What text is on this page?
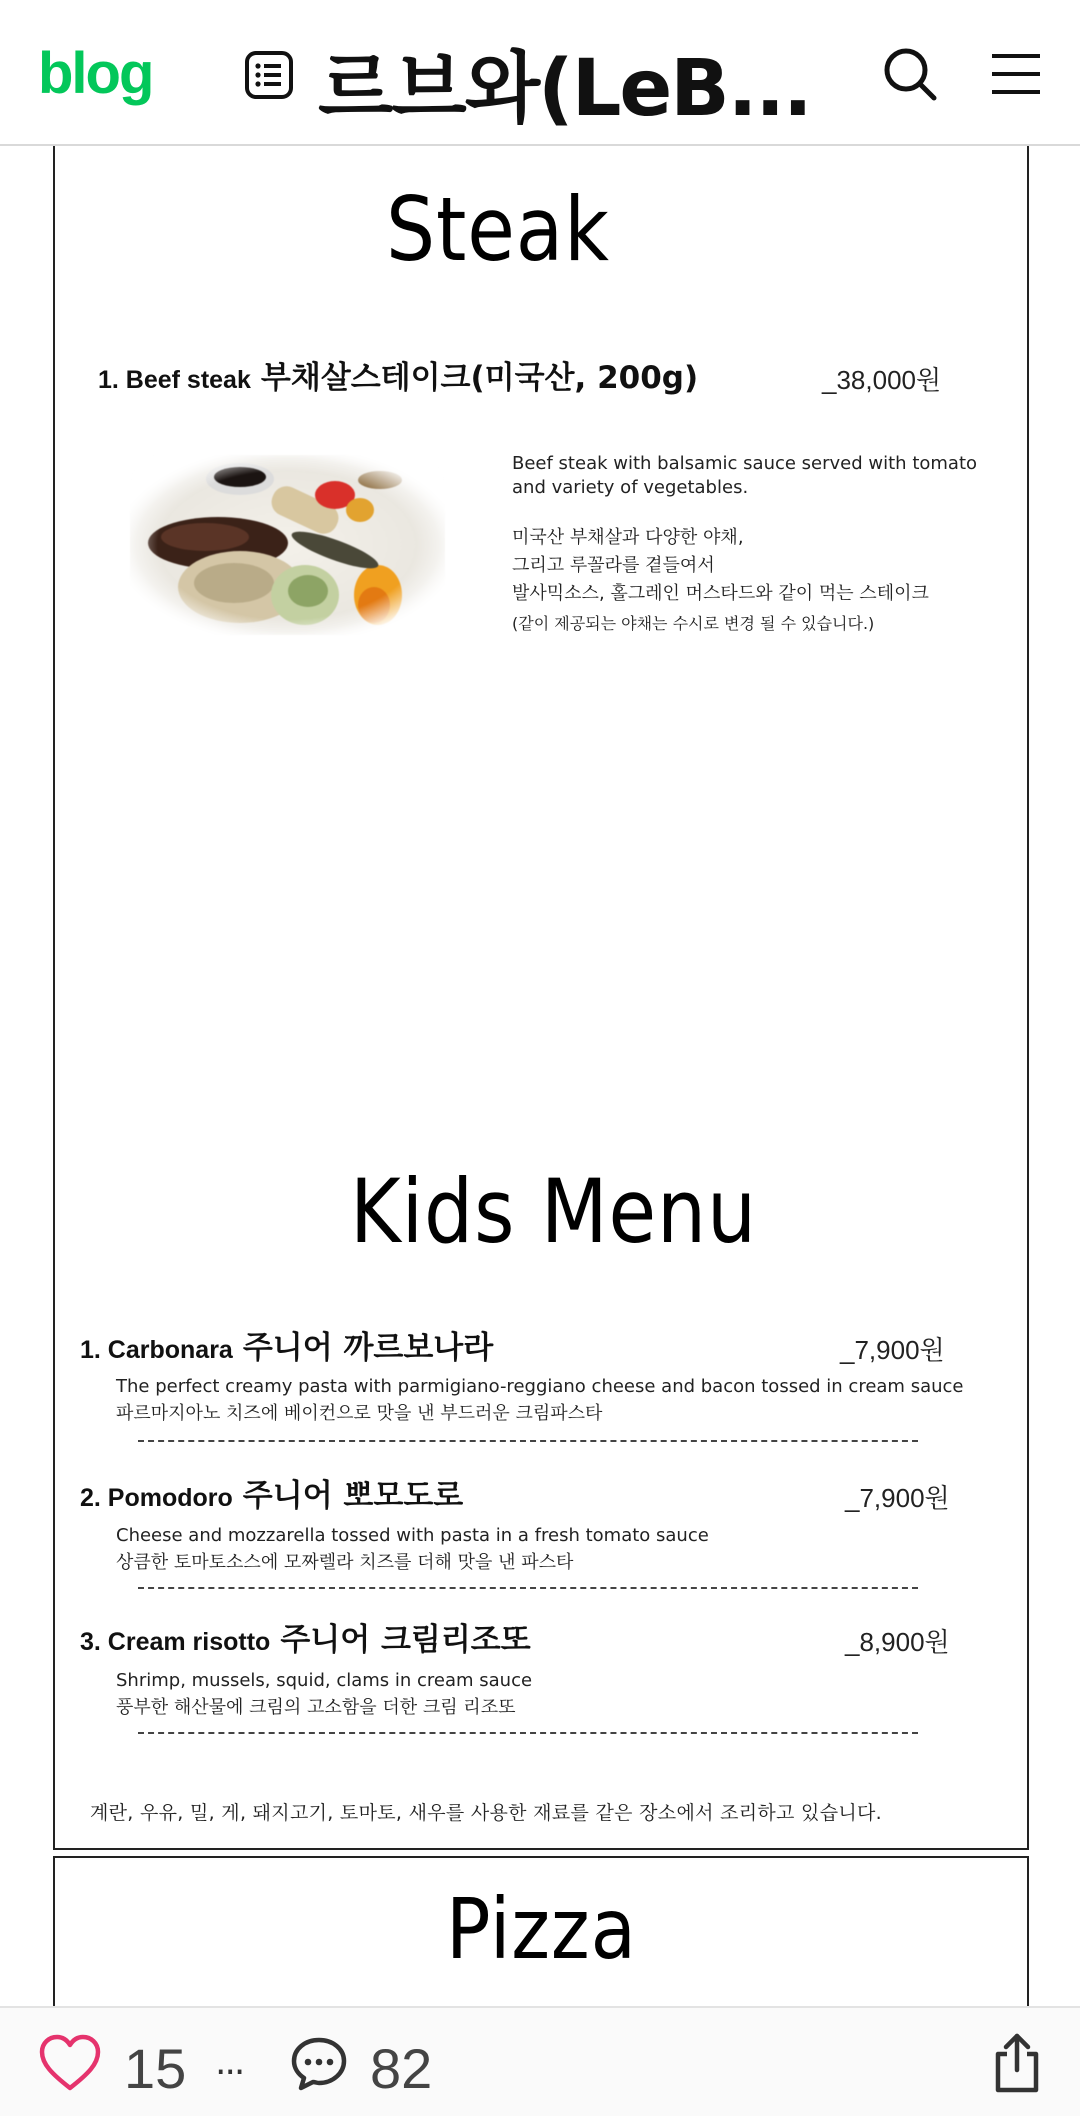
blog 르브와(LeB...
Steak
1. Beef steak 부채살스테이크(미국산, 200g)	_38,000원
Beef steak with balsamic sauce served with tomato
and variety of vegetables.
미국산 부채살과 다양한 야채,
그리고 루꼴라를 곁들여서
발사믹소스, 홀그레인 머스타드와 같이 먹는 스테이크
(같이 제공되는 야채는 수시로 변경 될 수 있습니다.)
Kids Menu
1. Carbonara 주니어 까르보나라	_7,900원
The perfect creamy pasta with parmigiano-reggiano cheese and bacon tossed in cream sauce
파르마지아노 치즈에 베이컨으로 맛을 낸 부드러운 크림파스타
2. Pomodoro 주니어 뽀모도로	_7,900원
Cheese and mozzarella tossed with pasta in a fresh tomato sauce
상큼한 토마토소스에 모짜렐라 치즈를 더해 맛을 낸 파스타
3. Cream risotto 주니어 크림리조또	_8,900원
Shrimp, mussels, squid, clams in cream sauce
풍부한 해산물에 크림의 고소함을 더한 크림 리조또
계란, 우유, 밀, 게, 돼지고기, 토마토, 새우를 사용한 재료를 같은 장소에서 조리하고 있습니다.
Pizza
15 ··· 82
